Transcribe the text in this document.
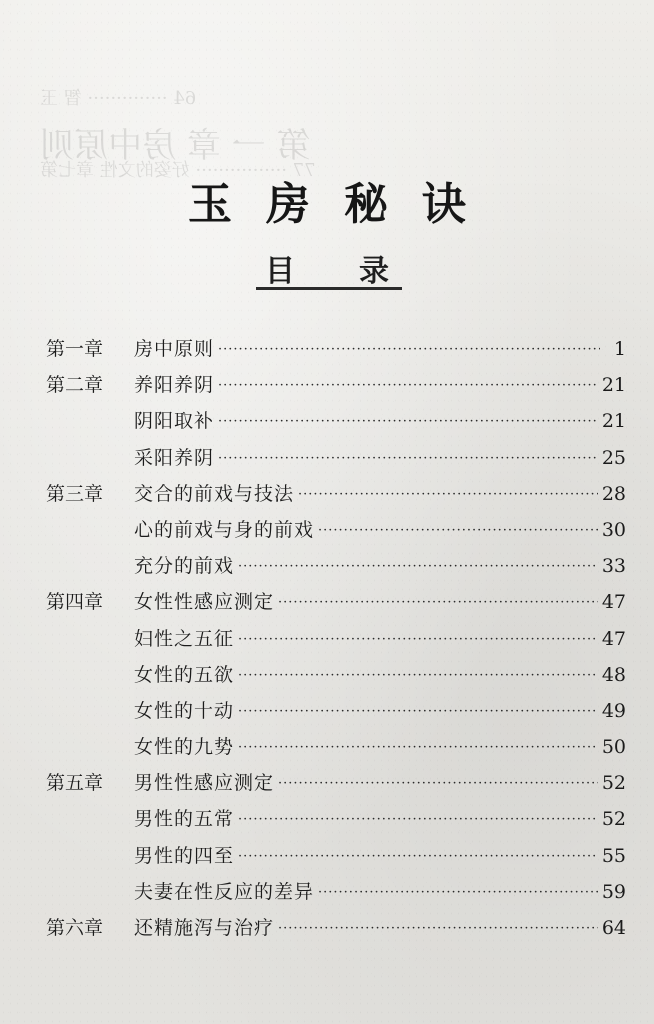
64 ·············· 智 玉
第 一 章 房中原则
77 ················ 好姿的文性 章七第
玉房秘诀
目录
第一章	房中原则 ·····	1
第二章	养阳养阴 ·····	21
阴阳取补 ·····	21
采阳养阴 ·····	25
第三章	交合的前戏与技法 ·····	28
心的前戏与身的前戏 ·····	30
充分的前戏 ·····	33
第四章	女性性感应测定 ·····	47
妇性之五征 ·····	47
女性的五欲 ·····	48
女性的十动 ·····	49
女性的九势 ·····	50
第五章	男性性感应测定 ·····	52
男性的五常 ·····	52
男性的四至 ·····	55
夫妻在性反应的差异 ·····	59
第六章	还精施泻与治疗 ·····	64
